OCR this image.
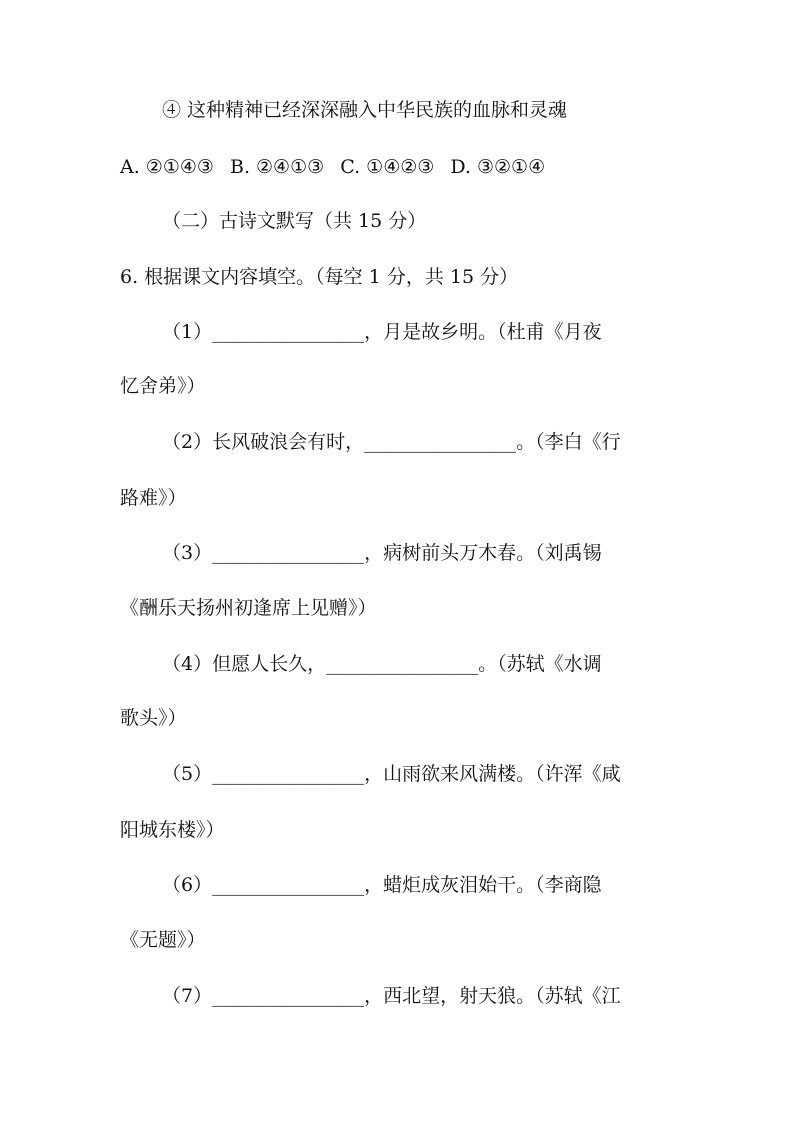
④ 这种精神已经深深融入中华民族的血脉和灵魂
A. ②①④③ B. ②④①③ C. ①④②③ D. ③②①④
（二）古诗文默写（共 15 分）
6. 根据课文内容填空。（每空 1 分，共 15 分）
（1）________________，月是故乡明。（杜甫《月夜
忆舍弟》）
（2）长风破浪会有时，________________。（李白《行
路难》）
（3）________________，病树前头万木春。（刘禹锡
《酬乐天扬州初逢席上见赠》）
（4）但愿人长久，________________。（苏轼《水调
歌头》）
（5）________________，山雨欲来风满楼。（许浑《咸
阳城东楼》）
（6）________________，蜡炬成灰泪始干。（李商隐
《无题》）
（7）________________，西北望，射天狼。（苏轼《江
